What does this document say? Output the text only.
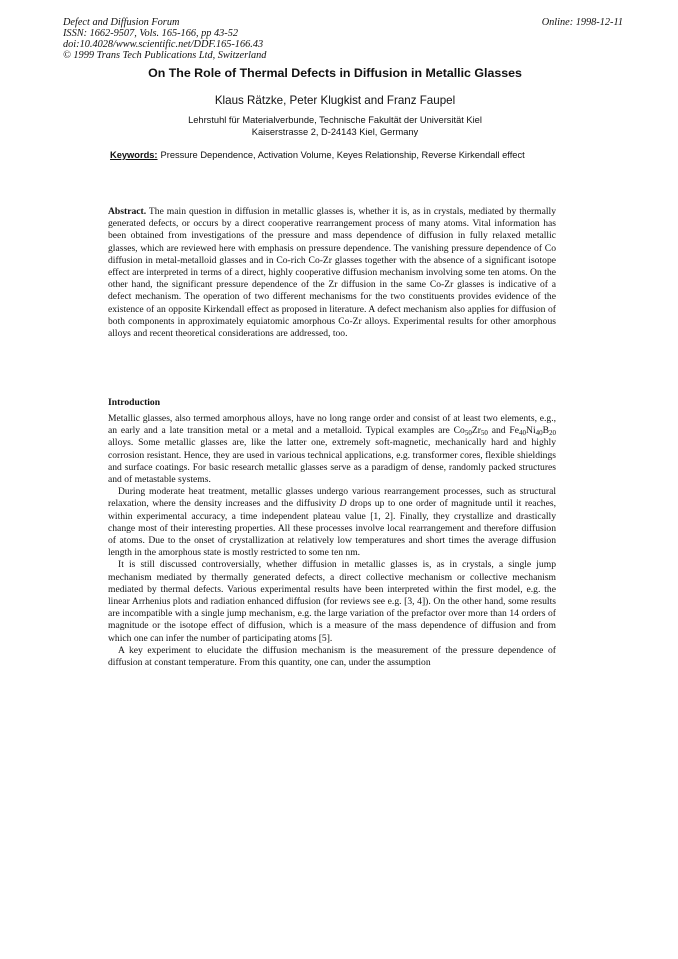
Defect and Diffusion Forum
ISSN: 1662-9507, Vols. 165-166, pp 43-52
doi:10.4028/www.scientific.net/DDF.165-166.43
© 1999 Trans Tech Publications Ltd, Switzerland
Online: 1998-12-11
On The Role of Thermal Defects in Diffusion in Metallic Glasses
Klaus Rätzke, Peter Klugkist and Franz Faupel
Lehrstuhl für Materialverbunde, Technische Fakultät der Universität Kiel
Kaiserstrasse 2, D-24143 Kiel, Germany
Keywords: Pressure Dependence, Activation Volume, Keyes Relationship, Reverse Kirkendall effect

Abstract. The main question in diffusion in metallic glasses is, whether it is, as in crystals, mediated by thermally generated defects, or occurs by a direct cooperative rearrangement process of many atoms. Vital information has been obtained from investigations of the pressure and mass dependence of diffusion in fully relaxed metallic glasses, which are reviewed here with emphasis on pressure dependence. The vanishing pressure dependence of Co diffusion in metal-metalloid glasses and in Co-rich Co-Zr glasses together with the absence of a significant isotope effect are interpreted in terms of a direct, highly cooperative diffusion mechanism involving some ten atoms. On the other hand, the significant pressure dependence of the Zr diffusion in the same Co-Zr glasses is indicative of a defect mechanism. The operation of two different mechanisms for the two constituents provides evidence of the existence of an opposite Kirkendall effect as proposed in literature. A defect mechanism also applies for diffusion of both components in approximately equiatomic amorphous Co-Zr alloys. Experimental results for other amorphous alloys and recent theoretical considerations are addressed, too.

Introduction

Metallic glasses, also termed amorphous alloys, have no long range order and consist of at least two elements, e.g., an early and a late transition metal or a metal and a metalloid. Typical examples are $Co_{50}Zr_{50}$ and $Fe_{40}Ni_{40}B_{20}$ alloys. Some metallic glasses are, like the latter one, extremely soft-magnetic, mechanically hard and highly corrosion resistant. Hence, they are used in various technical applications, e.g. transformer cores, flexible shieldings and surface coatings. For basic research metallic glasses serve as a paradigm of dense, randomly packed structures and of metastable systems.

During moderate heat treatment, metallic glasses undergo various rearrangement processes, such as structural relaxation, where the density increases and the diffusivity D drops up to one order of magnitude until it reaches, within experimental accuracy, a time independent plateau value [1, 2]. Finally, they crystallize and drastically change most of their interesting properties. All these processes involve local rearrangement and therefore diffusion of atoms. Due to the onset of crystallization at relatively low temperatures and short times the average diffusion length in the amorphous state is mostly restricted to some ten nm.

It is still discussed controversially, whether diffusion in metallic glasses is, as in crystals, a single jump mechanism mediated by thermally generated defects, a direct collective mechanism or collective mechanism mediated by thermal defects. Various experimental results have been interpreted within the first model, e.g. the linear Arrhenius plots and radiation enhanced diffusion (for reviews see e.g. [3, 4]). On the other hand, some results are incompatible with a single jump mechanism, e.g. the large variation of the prefactor over more than 14 orders of magnitude or the isotope effect of diffusion, which is a measure of the mass dependence of diffusion and from which one can infer the number of participating atoms [5].

A key experiment to elucidate the diffusion mechanism is the measurement of the pressure dependence of diffusion at constant temperature. From this quantity, one can, under the assumption
